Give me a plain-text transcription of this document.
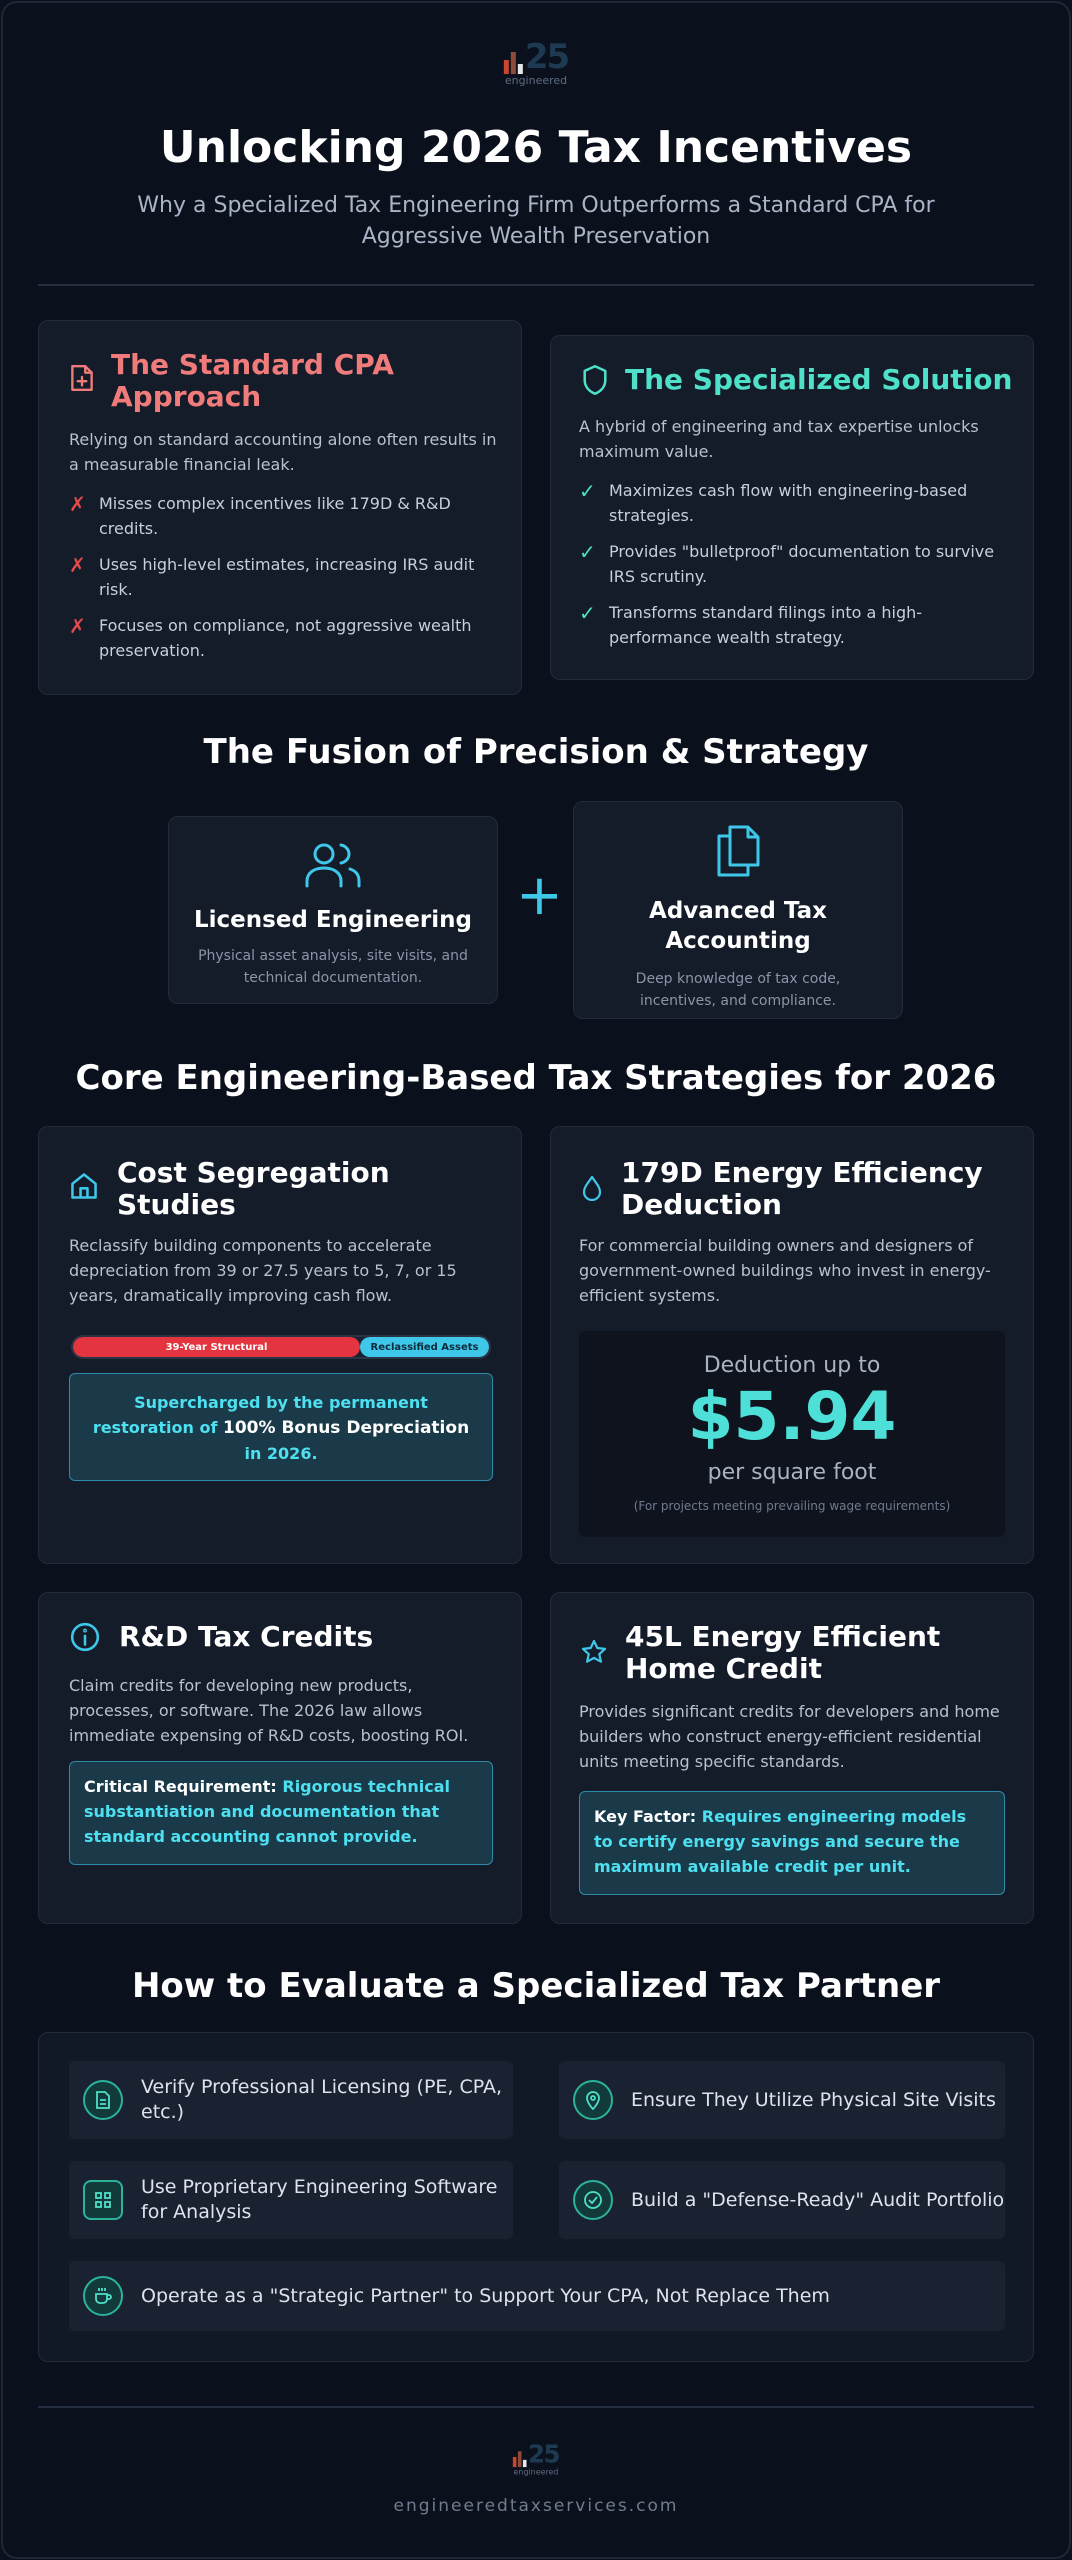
25
engineered
Unlocking 2026 Tax Incentives
Why a Specialized Tax Engineering Firm Outperforms a Standard CPA for Aggressive Wealth Preservation
The Standard CPA Approach

Relying on standard accounting alone often results in a measurable financial leak.

✗ Misses complex incentives like 179D & R&D credits.
✗ Uses high-level estimates, increasing IRS audit risk.
✗ Focuses on compliance, not aggressive wealth preservation.
The Specialized Solution

A hybrid of engineering and tax expertise unlocks maximum value.

✓ Maximizes cash flow with engineering-based strategies.
✓ Provides "bulletproof" documentation to survive IRS scrutiny.
✓ Transforms standard filings into a high-performance wealth strategy.
The Fusion of Precision & Strategy
Licensed Engineering
Physical asset analysis, site visits, and technical documentation.
+	Advanced Tax Accounting
Deep knowledge of tax code, incentives, and compliance.
Core Engineering-Based Tax Strategies for 2026
Cost Segregation Studies

Reclassify building components to accelerate depreciation from 39 or 27.5 years to 5, 7, or 15 years, dramatically improving cash flow.

39-Year Structural	Reclassified Assets
Supercharged by the permanent restoration of 100% Bonus Depreciation in 2026.
179D Energy Efficiency Deduction

For commercial building owners and designers of government-owned buildings who invest in energy-efficient systems.

Deduction up to
$5.94
per square foot
(For projects meeting prevailing wage requirements)
R&D Tax Credits

Claim credits for developing new products, processes, or software. The 2026 law allows immediate expensing of R&D costs, boosting ROI.

Critical Requirement: Rigorous technical substantiation and documentation that standard accounting cannot provide.
45L Energy Efficient Home Credit

Provides significant credits for developers and home builders who construct energy-efficient residential units meeting specific standards.

Key Factor: Requires engineering models to certify energy savings and secure the maximum available credit per unit.
How to Evaluate a Specialized Tax Partner
Verify Professional Licensing (PE, CPA, etc.)
Ensure They Utilize Physical Site Visits
Use Proprietary Engineering Software for Analysis
Build a "Defense-Ready" Audit Portfolio
Operate as a "Strategic Partner" to Support Your CPA, Not Replace Them
25
engineered
engineeredtaxservices.com
